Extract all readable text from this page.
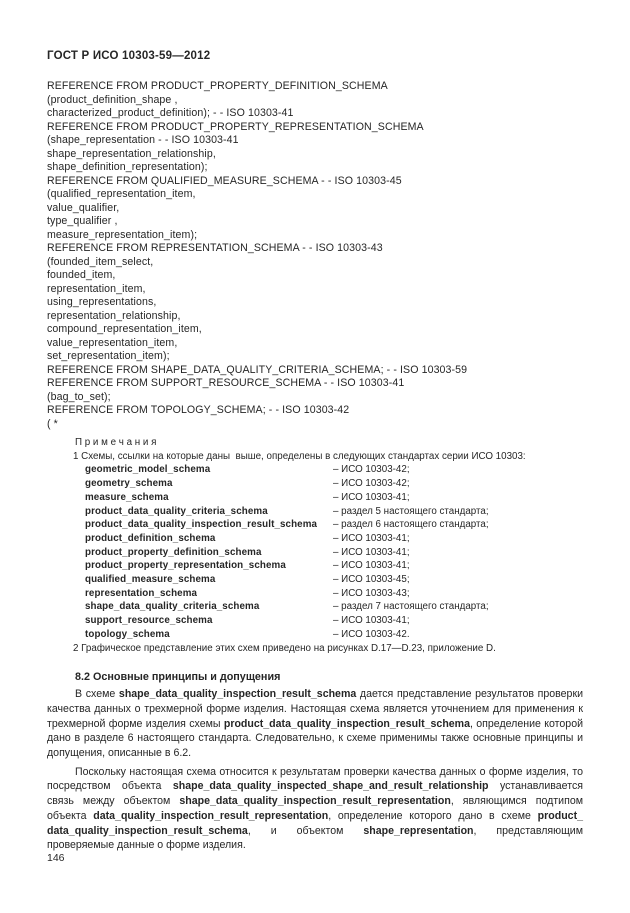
ГОСТ Р ИСО 10303-59—2012
REFERENCE FROM PRODUCT_PROPERTY_DEFINITION_SCHEMA
(product_definition_shape ,
characterized_product_definition); - - ISO 10303-41
REFERENCE FROM PRODUCT_PROPERTY_REPRESENTATION_SCHEMA
(shape_representation - - ISO 10303-41
shape_representation_relationship,
shape_definition_representation);
REFERENCE FROM QUALIFIED_MEASURE_SCHEMA - - ISO 10303-45
(qualified_representation_item,
value_qualifier,
type_qualifier ,
measure_representation_item);
REFERENCE FROM REPRESENTATION_SCHEMA - - ISO 10303-43
(founded_item_select,
founded_item,
representation_item,
using_representations,
representation_relationship,
compound_representation_item,
value_representation_item,
set_representation_item);
REFERENCE FROM SHAPE_DATA_QUALITY_CRITERIA_SCHEMA; - - ISO 10303-59
REFERENCE FROM SUPPORT_RESOURCE_SCHEMA - - ISO 10303-41
(bag_to_set);
REFERENCE FROM TOPOLOGY_SCHEMA; - - ISO 10303-42
( *
П р и м е ч а н и я
1 Схемы, ссылки на которые даны  выше, определены в следующих стандартах серии ИСО 10303:
geometric_model_schema	– ИСО 10303-42;
geometry_schema	– ИСО 10303-42;
measure_schema	– ИСО 10303-41;
product_data_quality_criteria_schema	– раздел 5 настоящего стандарта;
product_data_quality_inspection_result_schema	– раздел 6 настоящего стандарта;
product_definition_schema	– ИСО 10303-41;
product_property_definition_schema	– ИСО 10303-41;
product_property_representation_schema	– ИСО 10303-41;
qualified_measure_schema	– ИСО 10303-45;
representation_schema	– ИСО 10303-43;
shape_data_quality_criteria_schema	– раздел 7 настоящего стандарта;
support_resource_schema	– ИСО 10303-41;
topology_schema	– ИСО 10303-42.
2 Графическое представление этих схем приведено на рисунках D.17—D.23, приложение D.
8.2 Основные принципы и допущения

В схеме shape_data_quality_inspection_result_schema дается представление результатов проверки качества данных о трехмерной форме изделия. Настоящая схема является уточнением для применения к трехмерной форме изделия схемы product_data_quality_inspection_result_schema, определение которой дано в разделе 6 настоящего стандарта. Следовательно, к схеме применимы также основные принципы и допущения, описанные в 6.2.

Поскольку настоящая схема относится к результатам проверки качества данных о форме изделия, то посредством объекта shape_data_quality_inspected_shape_and_result_relationship устанавливается связь между объектом shape_data_quality_inspection_result_representation, являющимся подтипом объекта data_quality_inspection_result_representation, определение которого дано в схеме product_data_quality_inspection_result_schema, и объектом shape_representation, представляющим проверяемые данные о форме изделия.

146
